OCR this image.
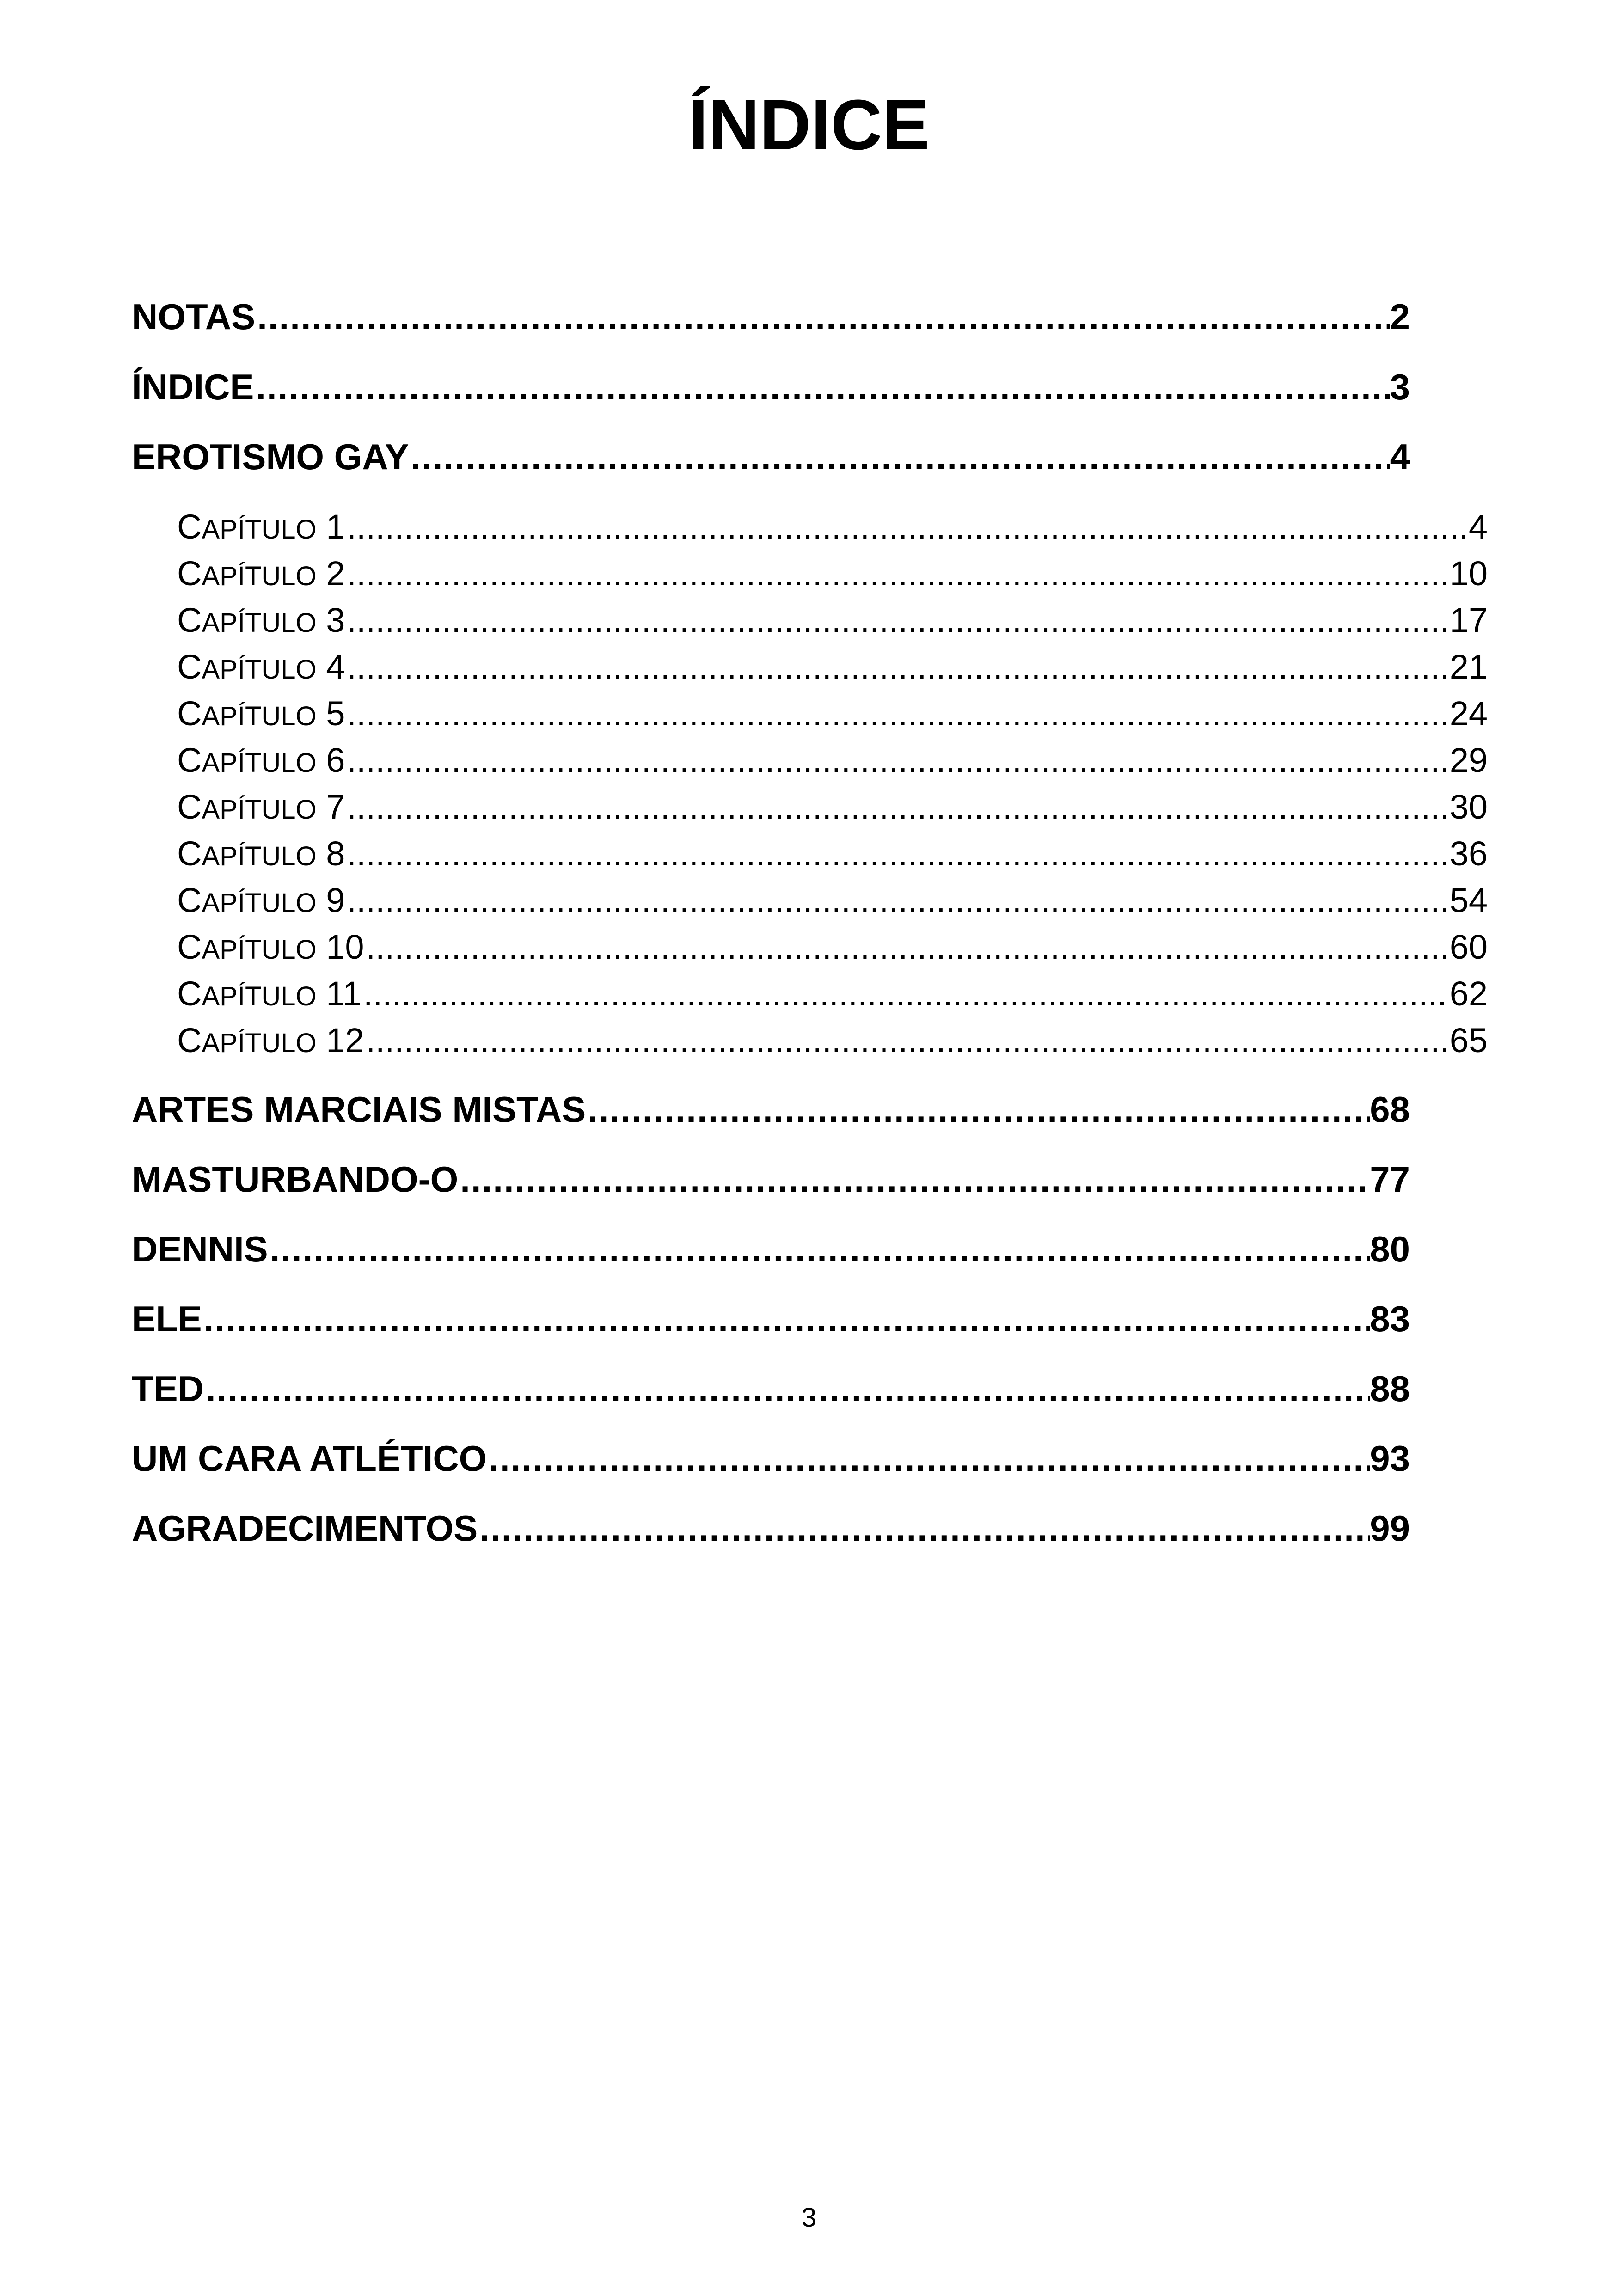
ÍNDICE
NOTAS .....	2
ÍNDICE .....	3
EROTISMO GAY .....	4
CAPÍTULO 1 .....	4
CAPÍTULO 2 .....	10
CAPÍTULO 3 .....	17
CAPÍTULO 4 .....	21
CAPÍTULO 5 .....	24
CAPÍTULO 6 .....	29
CAPÍTULO 7 .....	30
CAPÍTULO 8 .....	36
CAPÍTULO 9 .....	54
CAPÍTULO 10 .....	60
CAPÍTULO 11 .....	62
CAPÍTULO 12 .....	65
ARTES MARCIAIS MISTAS .....	68
MASTURBANDO-O .....	77
DENNIS .....	80
ELE .....	83
TED .....	88
UM CARA ATLÉTICO .....	93
AGRADECIMENTOS .....	99
3
